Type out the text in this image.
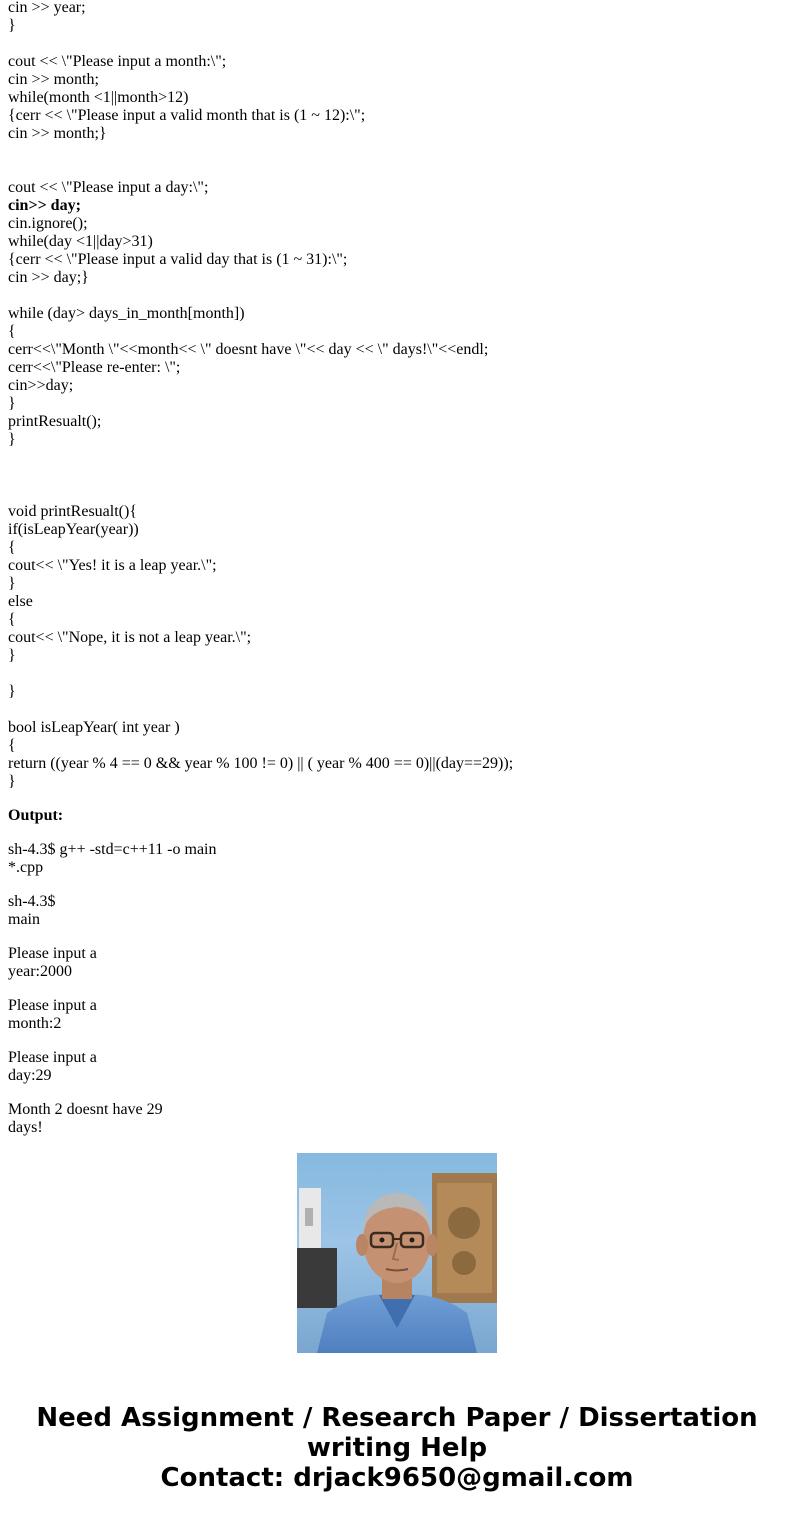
cin >> year;
}
cout << \"Please input a month:\";
cin >> month;
while(month <1||month>12)
{cerr << \"Please input a valid month that is (1 ~ 12):\";
cin >> month;}
cout << \"Please input a day:\";
cin>> day;
cin.ignore();
while(day <1||day>31)
{cerr << \"Please input a valid day that is (1 ~ 31):\";
cin >> day;}
while (day> days_in_month[month])
{
cerr<<\"Month \"<<month<< \" doesnt have \"<< day << \" days!\"<<endl;
cerr<<\"Please re-enter: \";
cin>>day;
}
printResualt();
}
void printResualt(){
if(isLeapYear(year))
{
cout<< \"Yes! it is a leap year.\";
}
else
{
cout<< \"Nope, it is not a leap year.\";
}
}
bool isLeapYear( int year )
{
return ((year % 4 == 0 && year % 100 != 0) || ( year % 400 == 0)||(day==29));
}
Output:
sh-4.3$ g++ -std=c++11 -o main
*.cpp
sh-4.3$
main
Please input a
year:2000
Please input a
month:2
Please input a
day:29
Month 2 doesnt have 29
days!
Need Assignment / Research Paper / Dissertation
writing Help
Contact: drjack9650@gmail.com
